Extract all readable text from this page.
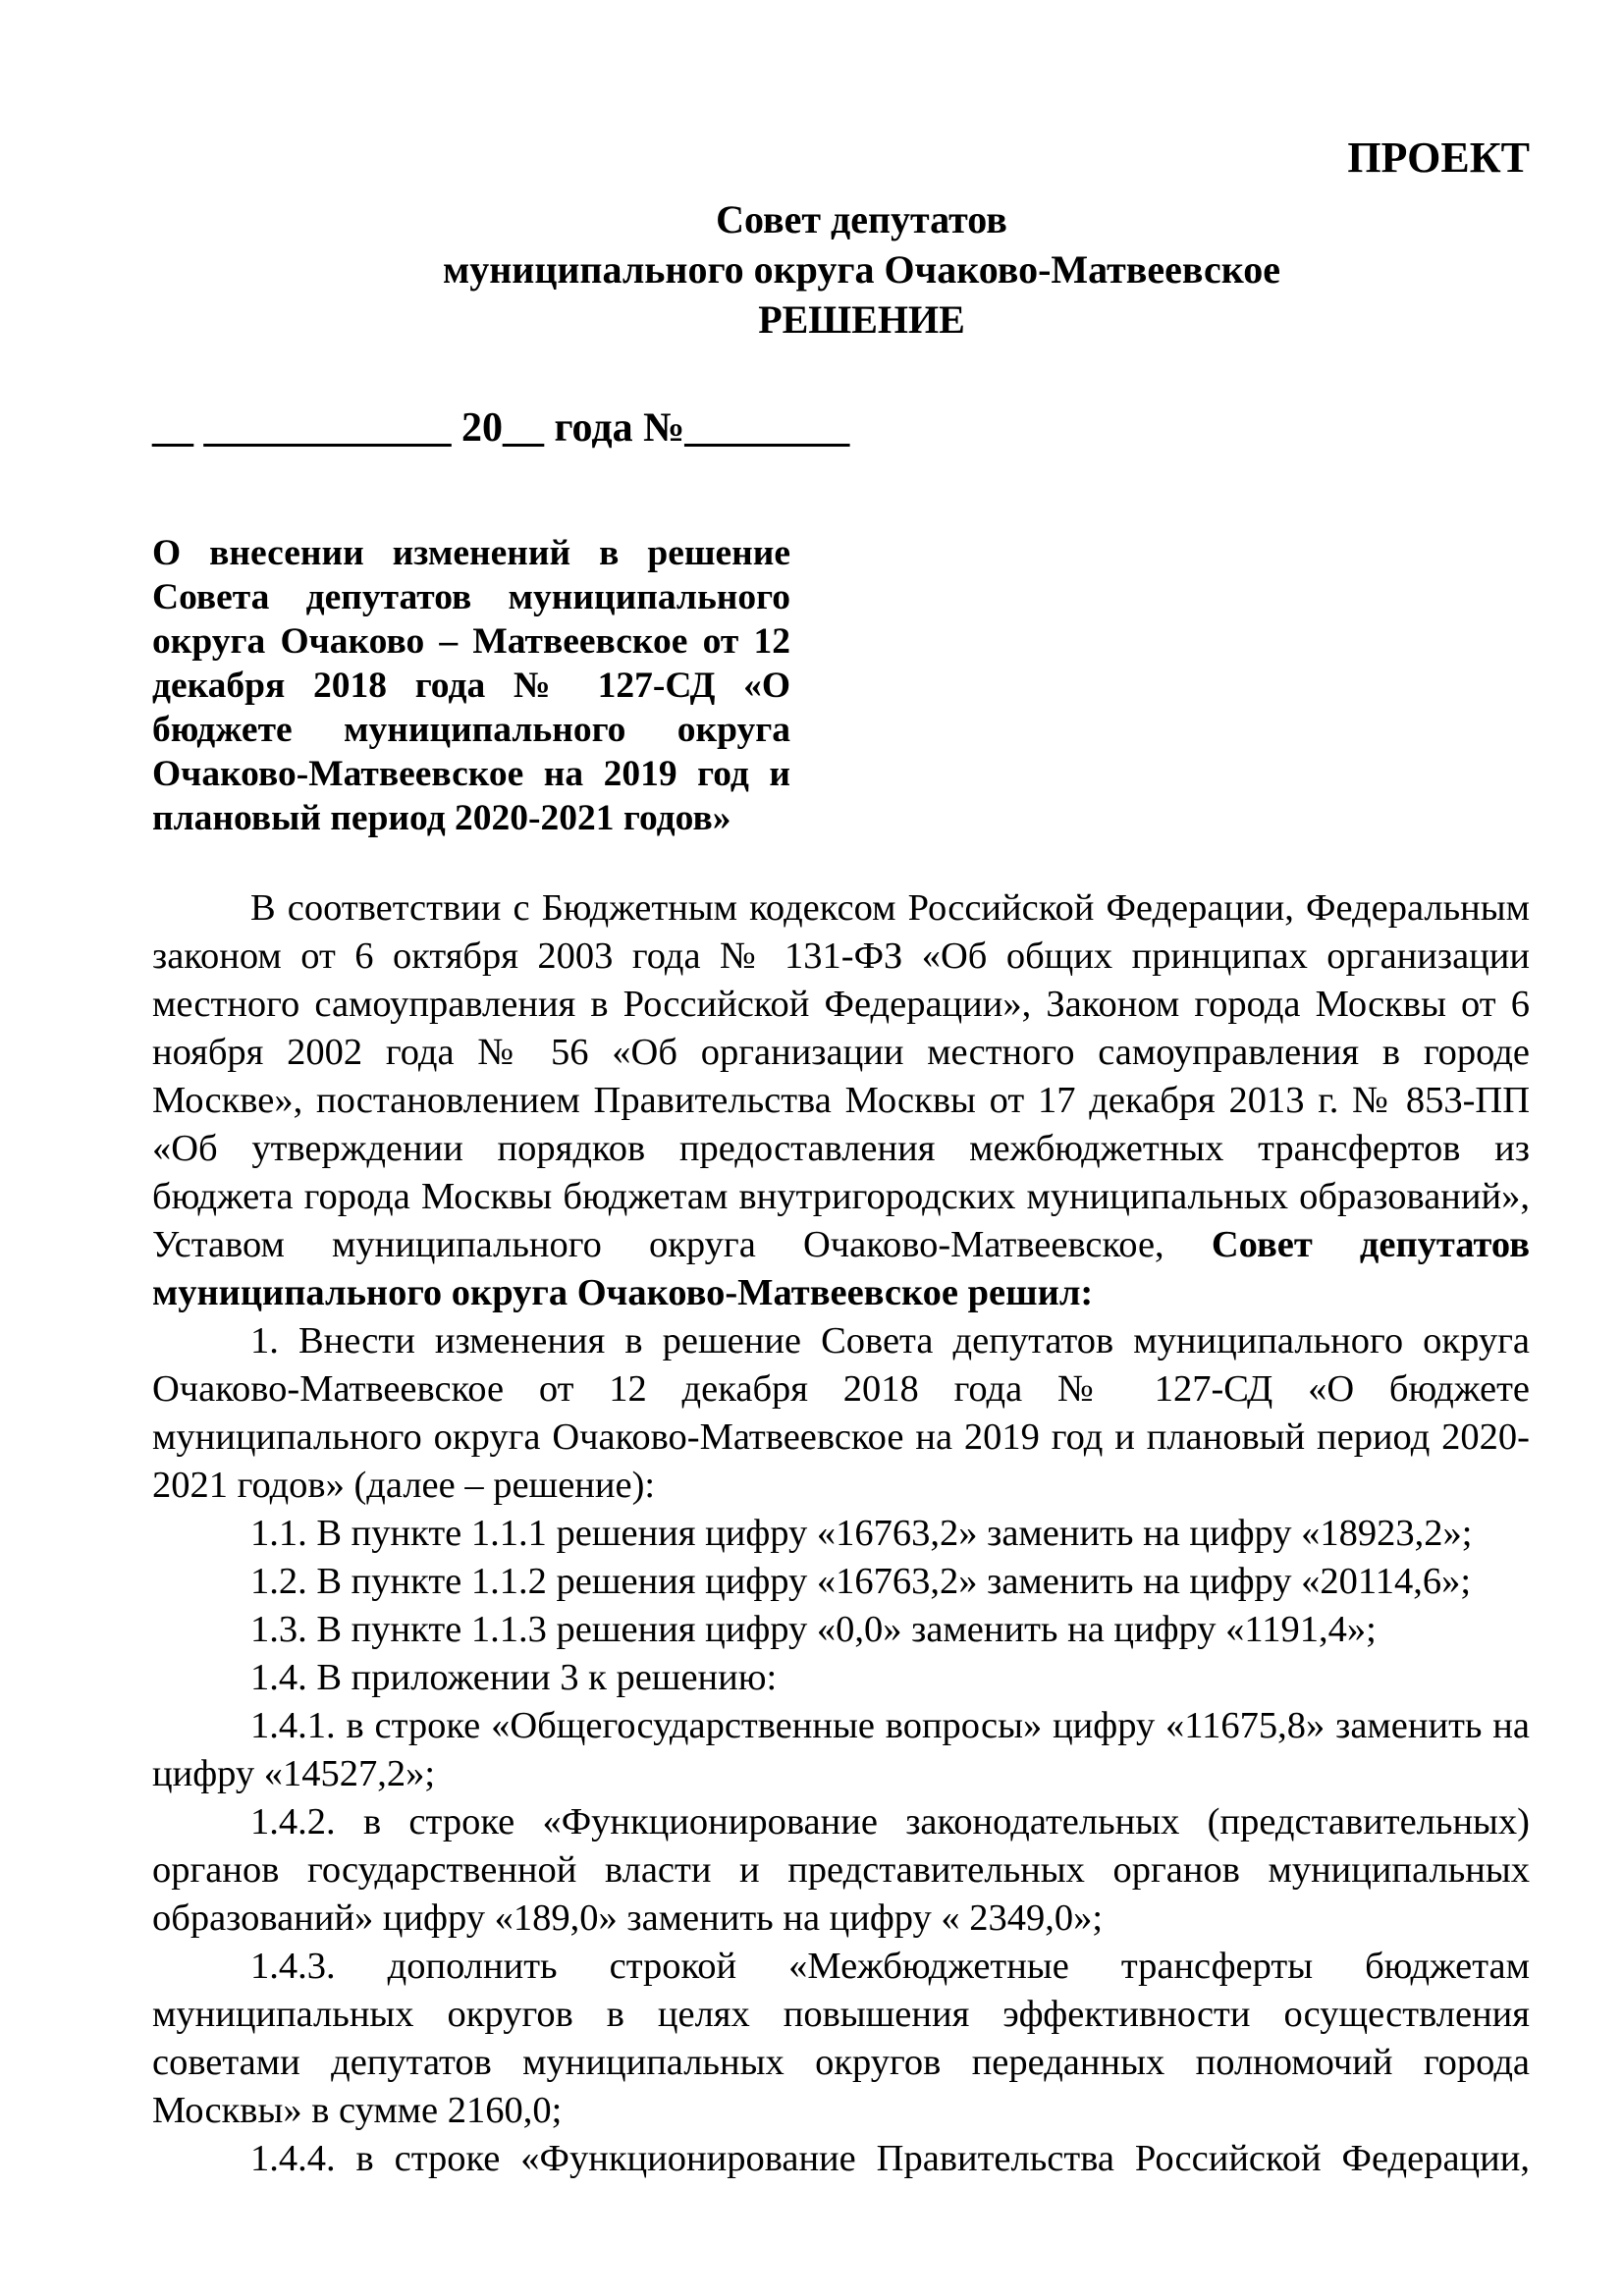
ПРОЕКТ
Совет депутатов
муниципального округа Очаково-Матвеевское
РЕШЕНИЕ
__ ____________ 20__ года №________
О внесении изменений в решение
Совета депутатов муниципального
округа Очаково – Матвеевское от 12
декабря 2018 года № 127-СД «О
бюджете муниципального округа
Очаково-Матвеевское на 2019 год и
плановый период 2020-2021 годов»

В соответствии с Бюджетным кодексом Российской Федерации, Федеральным законом от 6 октября 2003 года № 131-ФЗ «Об общих принципах организации местного самоуправления в Российской Федерации», Законом города Москвы от 6 ноября 2002 года № 56 «Об организации местного самоуправления в городе Москве», постановлением Правительства Москвы от 17 декабря 2013 г. № 853-ПП «Об утверждении порядков предоставления межбюджетных трансфертов из бюджета города Москвы бюджетам внутригородских муниципальных образований», Уставом муниципального округа Очаково-Матвеевское, Совет депутатов муниципального округа Очаково-Матвеевское решил:

1. Внести изменения в решение Совета депутатов муниципального округа Очаково-Матвеевское от 12 декабря 2018 года № 127-СД «О бюджете муниципального округа Очаково-Матвеевское на 2019 год и плановый период 2020-2021 годов» (далее – решение):

1.1. В пункте 1.1.1 решения цифру «16763,2» заменить на цифру «18923,2»;

1.2. В пункте 1.1.2 решения цифру «16763,2» заменить на цифру «20114,6»;

1.3. В пункте 1.1.3 решения цифру «0,0» заменить на цифру «1191,4»;

1.4. В приложении 3 к решению:

1.4.1. в строке «Общегосударственные вопросы» цифру «11675,8» заменить на цифру «14527,2»;

1.4.2. в строке «Функционирование законодательных (представительных) органов государственной власти и представительных органов муниципальных образований» цифру «189,0» заменить на цифру « 2349,0»;

1.4.3. дополнить строкой «Межбюджетные трансферты бюджетам муниципальных округов в целях повышения эффективности осуществления советами депутатов муниципальных округов переданных полномочий города Москвы» в сумме 2160,0;

1.4.4. в строке «Функционирование Правительства Российской Федерации,
